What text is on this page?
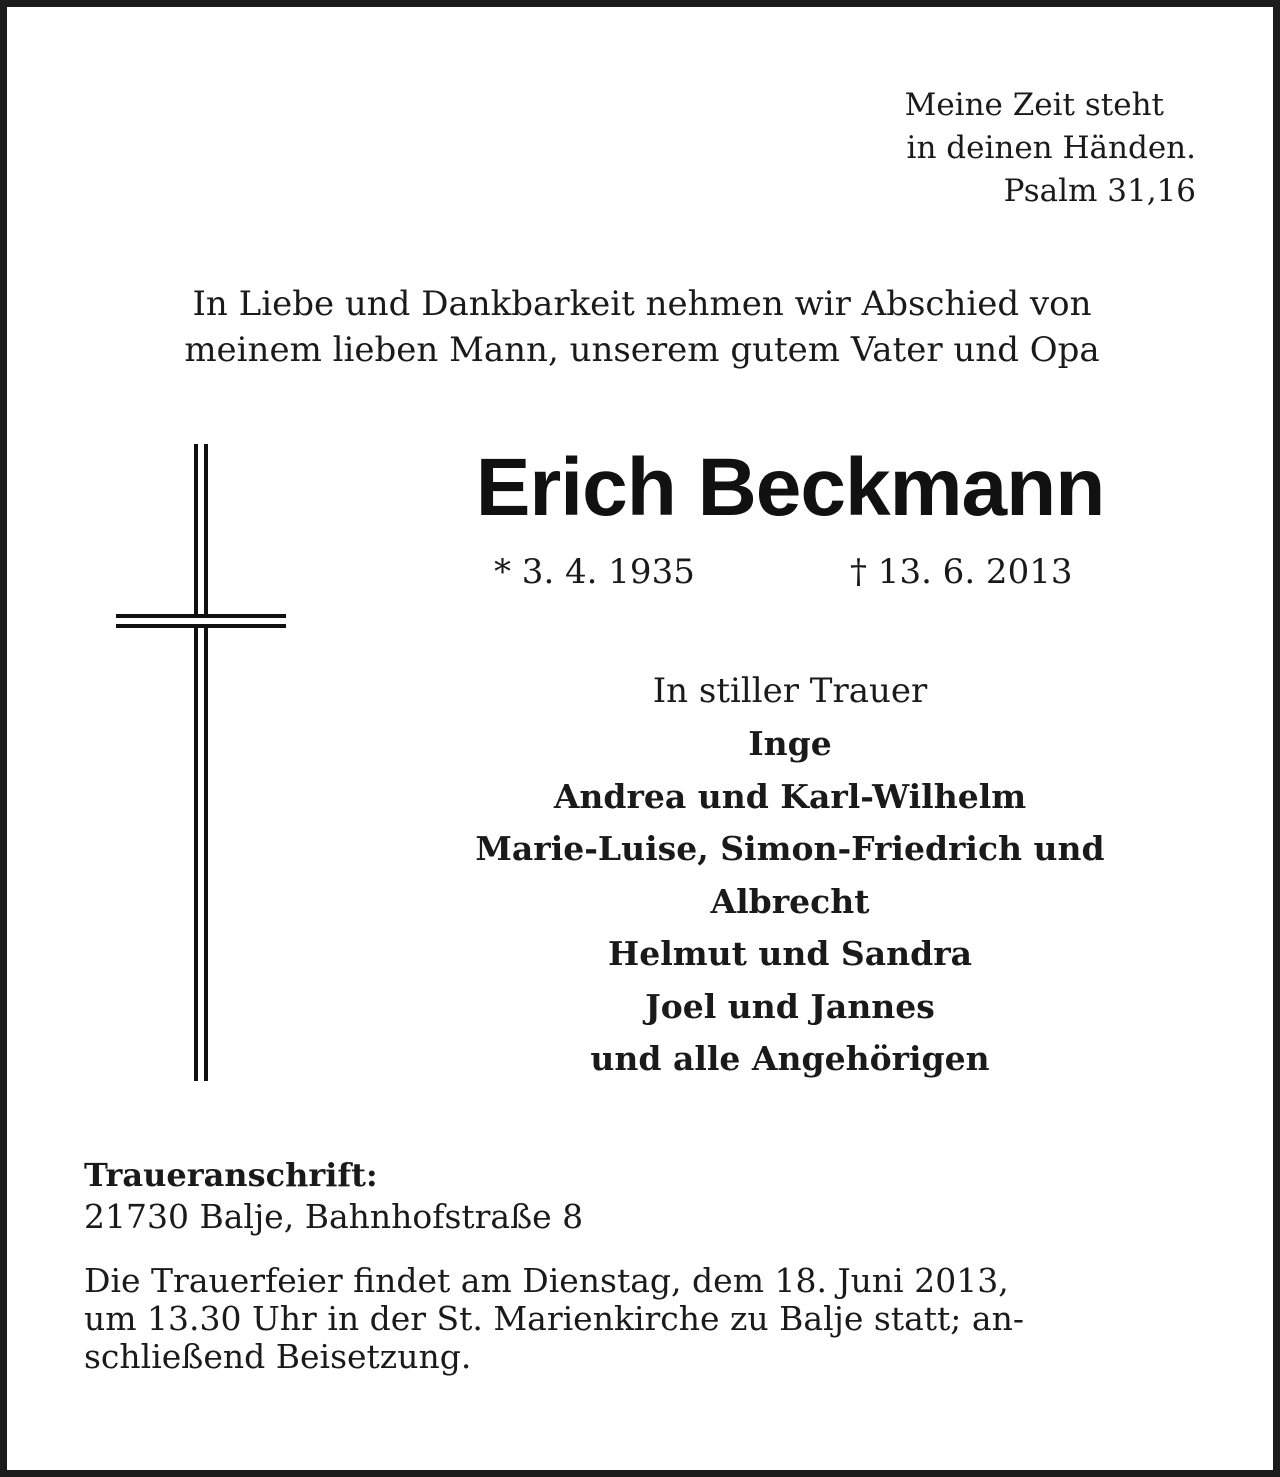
Meine Zeit steht
in deinen Händen.
Psalm 31,16
In Liebe und Dankbarkeit nehmen wir Abschied von
meinem lieben Mann, unserem gutem Vater und Opa
Erich Beckmann
* 3. 4. 1935	† 13. 6. 2013
In stiller Trauer
Inge
Andrea und Karl-Wilhelm
Marie-Luise, Simon-Friedrich und
Albrecht
Helmut und Sandra
Joel und Jannes
und alle Angehörigen
Traueranschrift:
21730 Balje, Bahnhofstraße 8
Die Trauerfeier findet am Dienstag, dem 18. Juni 2013,
um 13.30 Uhr in der St. Marienkirche zu Balje statt; an-
schließend Beisetzung.
